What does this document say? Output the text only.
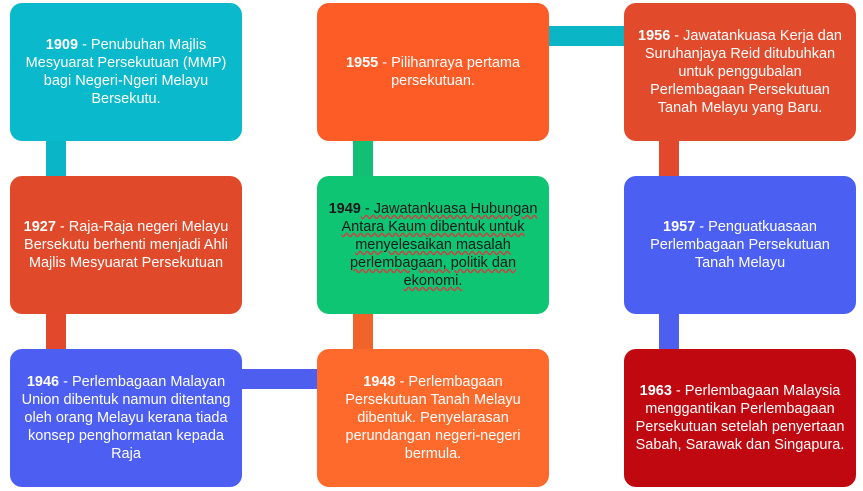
1909 - Penubuhan Majlis Mesyuarat Persekutuan (MMP) bagi Negeri-Ngeri Melayu Bersekutu.
1927 - Raja-Raja negeri Melayu Bersekutu berhenti menjadi Ahli Majlis Mesyuarat Persekutuan
1946 - Perlembagaan Malayan Union dibentuk namun ditentang oleh orang Melayu kerana tiada konsep penghormatan kepada Raja
1948 - Perlembagaan Persekutuan Tanah Melayu dibentuk. Penyelarasan perundangan negeri-negeri bermula.
1949 - Jawatankuasa Hubungan Antara Kaum dibentuk untuk menyelesaikan masalah perlembagaan, politik dan ekonomi.
1955 - Pilihanraya pertama persekutuan.
1956 - Jawatankuasa Kerja dan Suruhanjaya Reid ditubuhkan untuk penggubalan Perlembagaan Persekutuan Tanah Melayu yang Baru.
1957 - Penguatkuasaan Perlembagaan Persekutuan Tanah Melayu
1963 - Perlembagaan Malaysia menggantikan Perlembagaan Persekutuan setelah penyertaan Sabah, Sarawak dan Singapura.
